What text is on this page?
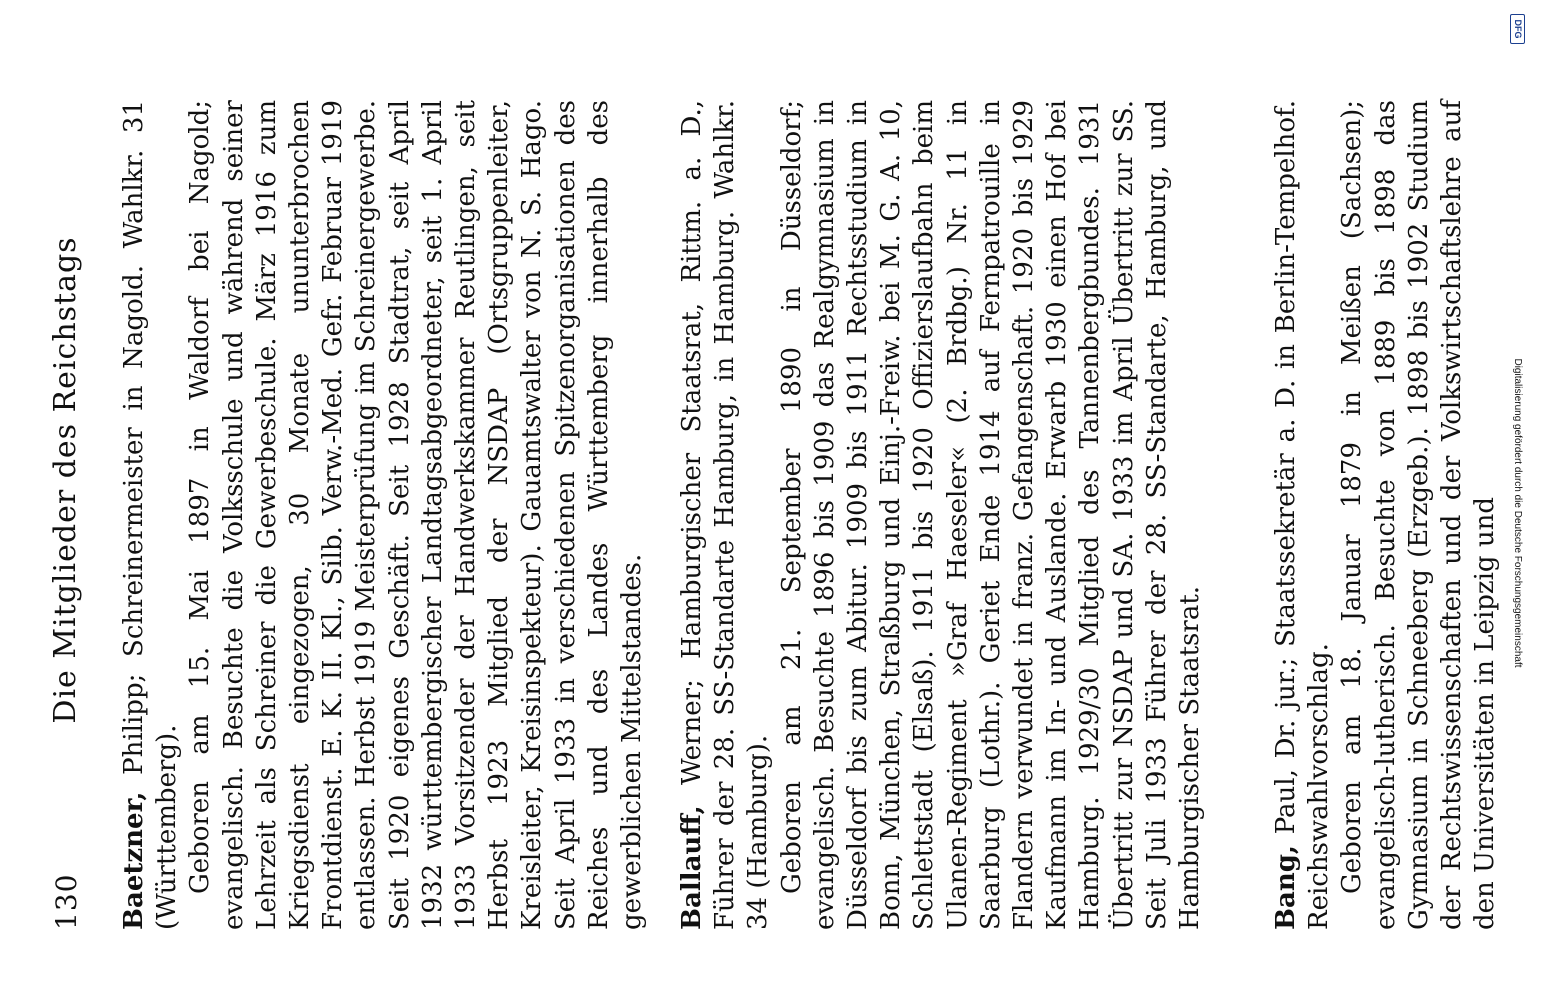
130
Die Mitglieder des Reichstags

Baetzner, Philipp; Schreinermeister in Nagold. Wahlkr. 31 (Württemberg). Geboren am 15. Mai 1897 in Waldorf bei Nagold; evangelisch. Besuchte die Volksschule und während seiner Lehrzeit als Schreiner die Gewerbeschule. März 1916 zum Kriegsdienst eingezogen, 30 Monate ununterbrochen Frontdienst. E. K. II. Kl., Silb. Verw.-Med. Gefr. Februar 1919 entlassen. Herbst 1919 Meisterprüfung im Schreinergewerbe. Seit 1920 eigenes Geschäft. Seit 1928 Stadtrat, seit April 1932 württembergischer Landtagsabgeordneter, seit 1. April 1933 Vorsitzender der Handwerkskammer Reutlingen, seit Herbst 1923 Mitglied der NSDAP (Ortsgruppenleiter, Kreisleiter, Kreisinspekteur). Gauamtswalter von N. S. Hago. Seit April 1933 in verschiedenen Spitzenorganisationen des Reiches und des Landes Württemberg innerhalb des gewerblichen Mittelstandes. Ballauff, Werner; Hamburgischer Staatsrat, Rittm. a. D., Führer der 28. SS-Standarte Hamburg, in Hamburg. Wahlkr. 34 (Hamburg). Geboren am 21. September 1890 in Düsseldorf; evangelisch. Besuchte 1896 bis 1909 das Realgymnasium in Düsseldorf bis zum Abitur. 1909 bis 1911 Rechtsstudium in Bonn, München, Straßburg und Einj.-Freiw. bei M. G. A. 10, Schlettstadt (Elsaß). 1911 bis 1920 Offizierslaufbahn beim Ulanen-Regiment »Graf Haeseler« (2. Brdbg.) Nr. 11 in Saarburg (Lothr.). Geriet Ende 1914 auf Fernpatrouille in Flandern verwundet in franz. Gefangenschaft. 1920 bis 1929 Kaufmann im In- und Auslande. Erwarb 1930 einen Hof bei Hamburg. 1929/30 Mitglied des Tannenbergbundes. 1931 Übertritt zur NSDAP und SA. 1933 im April Übertritt zur SS. Seit Juli 1933 Führer der 28. SS-Standarte, Hamburg, und Hamburgischer Staatsrat.	Bang, Paul, Dr. jur.; Staatssekretär a. D. in Berlin-Tempelhof. Reichswahlvorschlag. Geboren am 18. Januar 1879 in Meißen (Sachsen); evangelisch-lutherisch. Besuchte von 1889 bis 1898 das Gymnasium in Schneeberg (Erzgeb.). 1898 bis 1902 Studium der Rechtswissenschaften und der Volkswirtschaftslehre auf den Universitäten in Leipzig und

DFG
Digitalisierung gefördert durch die Deutsche Forschungsgemeinschaft
